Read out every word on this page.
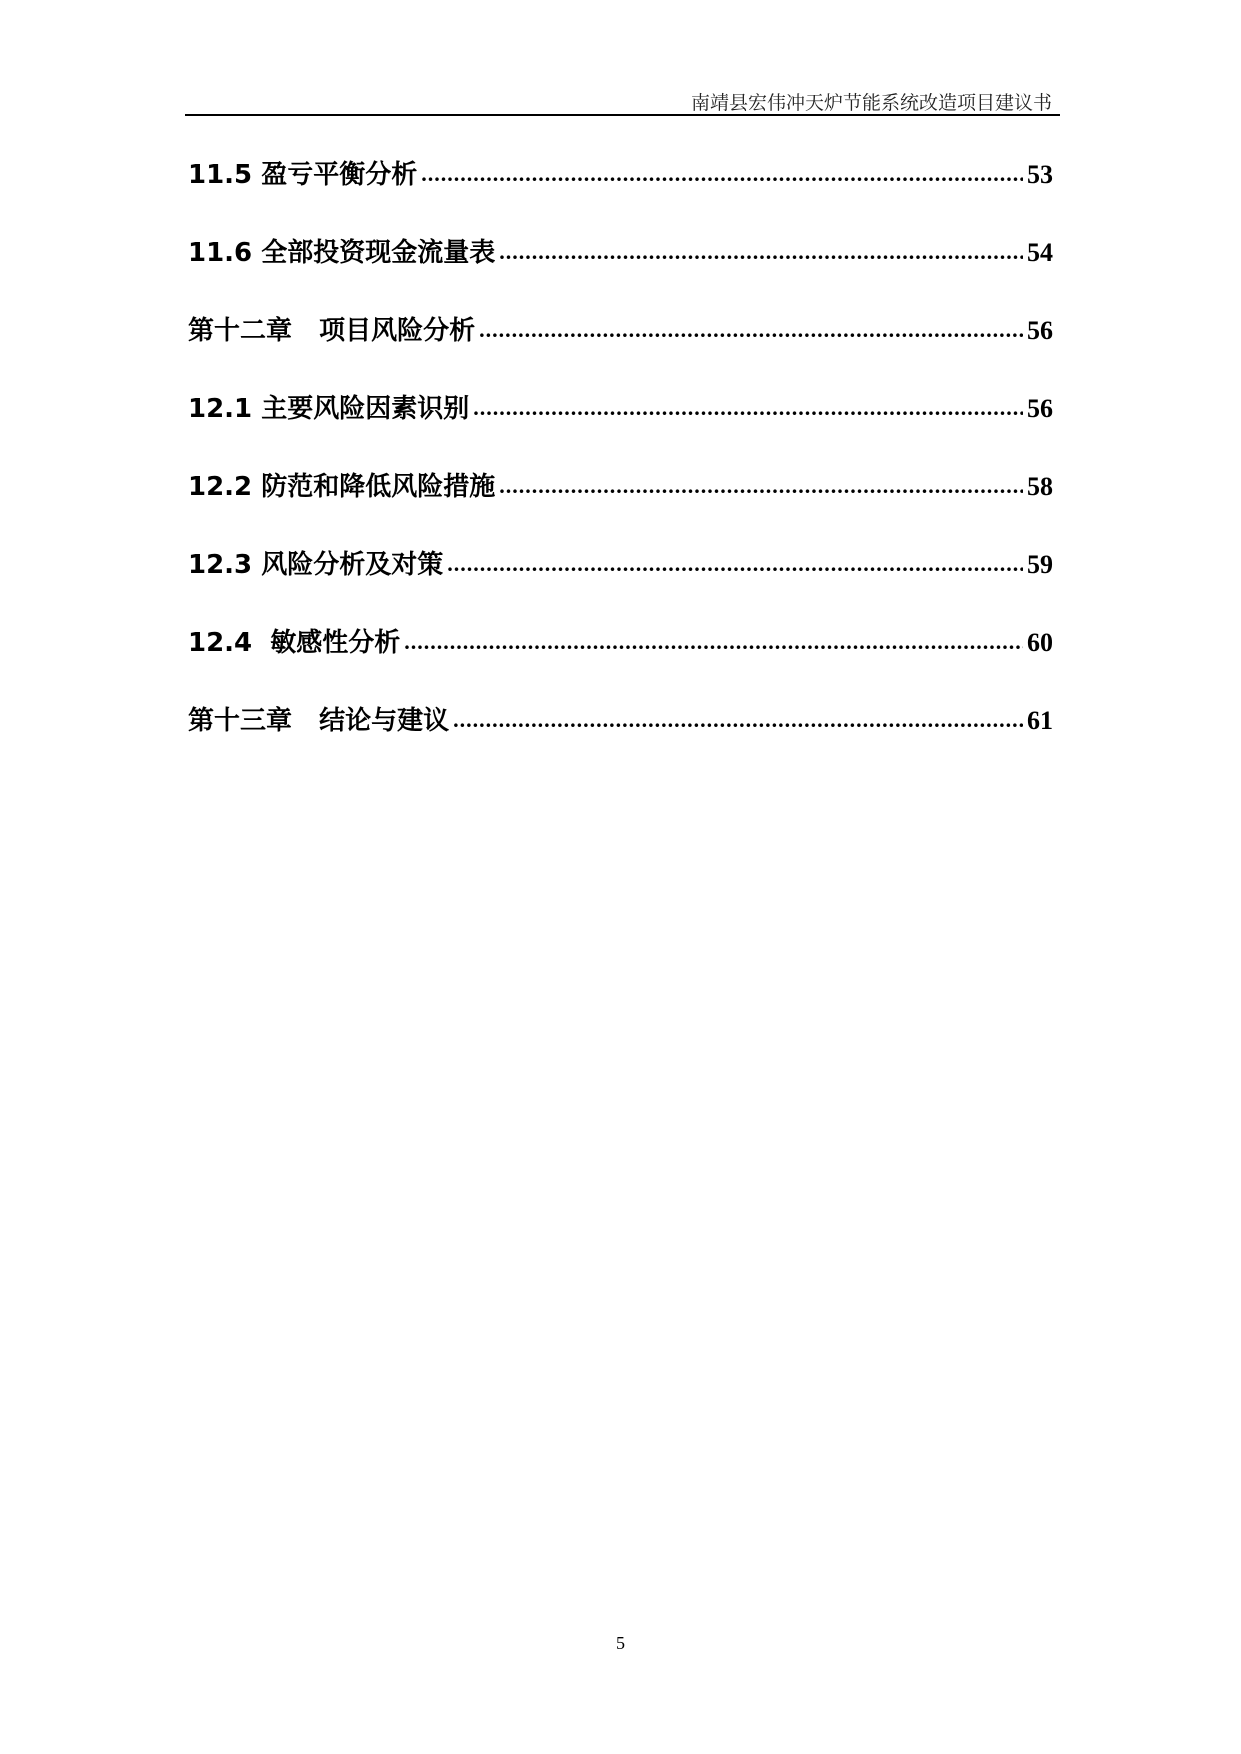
南靖县宏伟冲天炉节能系统改造项目建议书
11.5 盈亏平衡分析 .....	53
11.6 全部投资现金流量表 .....	54
第十二章   项目风险分析 .....	56
12.1 主要风险因素识别 .....	56
12.2 防范和降低风险措施 .....	58
12.3 风险分析及对策 .....	59
12.4  敏感性分析 .....	60
第十三章   结论与建议 .....	61
5
